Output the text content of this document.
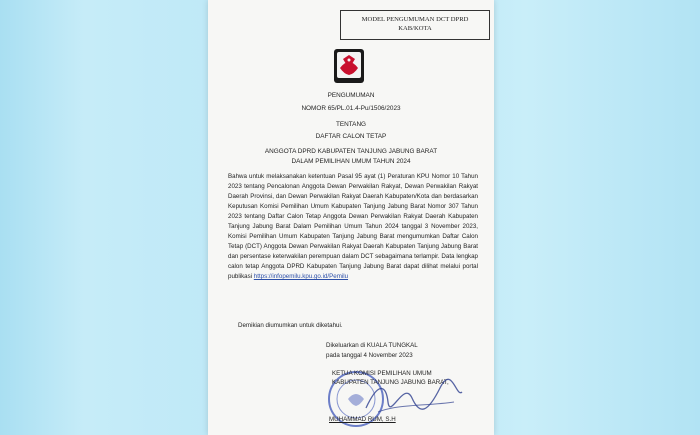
MODEL PENGUMUMAN DCT DPRD
KAB/KOTA
PENGUMUMAN
NOMOR 65/PL.01.4-Pu/1506/2023
TENTANG
DAFTAR CALON TETAP
ANGGOTA DPRD KABUPATEN TANJUNG JABUNG BARAT
DALAM PEMILIHAN UMUM TAHUN 2024
Bahwa untuk melaksanakan ketentuan Pasal 95 ayat (1) Peraturan KPU Nomor 10 Tahun 2023 tentang Pencalonan Anggota Dewan Perwakilan Rakyat, Dewan Perwakilan Rakyat Daerah Provinsi, dan Dewan Perwakilan Rakyat Daerah Kabupaten/Kota dan berdasarkan Keputusan Komisi Pemilihan Umum Kabupaten Tanjung Jabung Barat Nomor 307 Tahun 2023 tentang Daftar Calon Tetap Anggota Dewan Perwakilan Rakyat Daerah Kabupaten Tanjung Jabung Barat Dalam Pemilihan Umum Tahun 2024 tanggal 3 November 2023, Komisi Pemilihan Umum Kabupaten Tanjung Jabung Barat mengumumkan Daftar Calon Tetap (DCT) Anggota Dewan Perwakilan Rakyat Daerah Kabupaten Tanjung Jabung Barat dan persentase keterwakilan perempuan dalam DCT sebagaimana terlampir. Data lengkap calon tetap Anggota DPRD Kabupaten Tanjung Jabung Barat dapat dilihat melalui portal publikasi https://infopemilu.kpu.go.id/Pemilu
Demikian diumumkan untuk diketahui.
Dikeluarkan di KUALA TUNGKAL
pada tanggal 4 November 2023
KETUA KOMISI PEMILIHAN UMUM
KABUPATEN TANJUNG JABUNG BARAT,
MUHAMMAD RUM, S.H
